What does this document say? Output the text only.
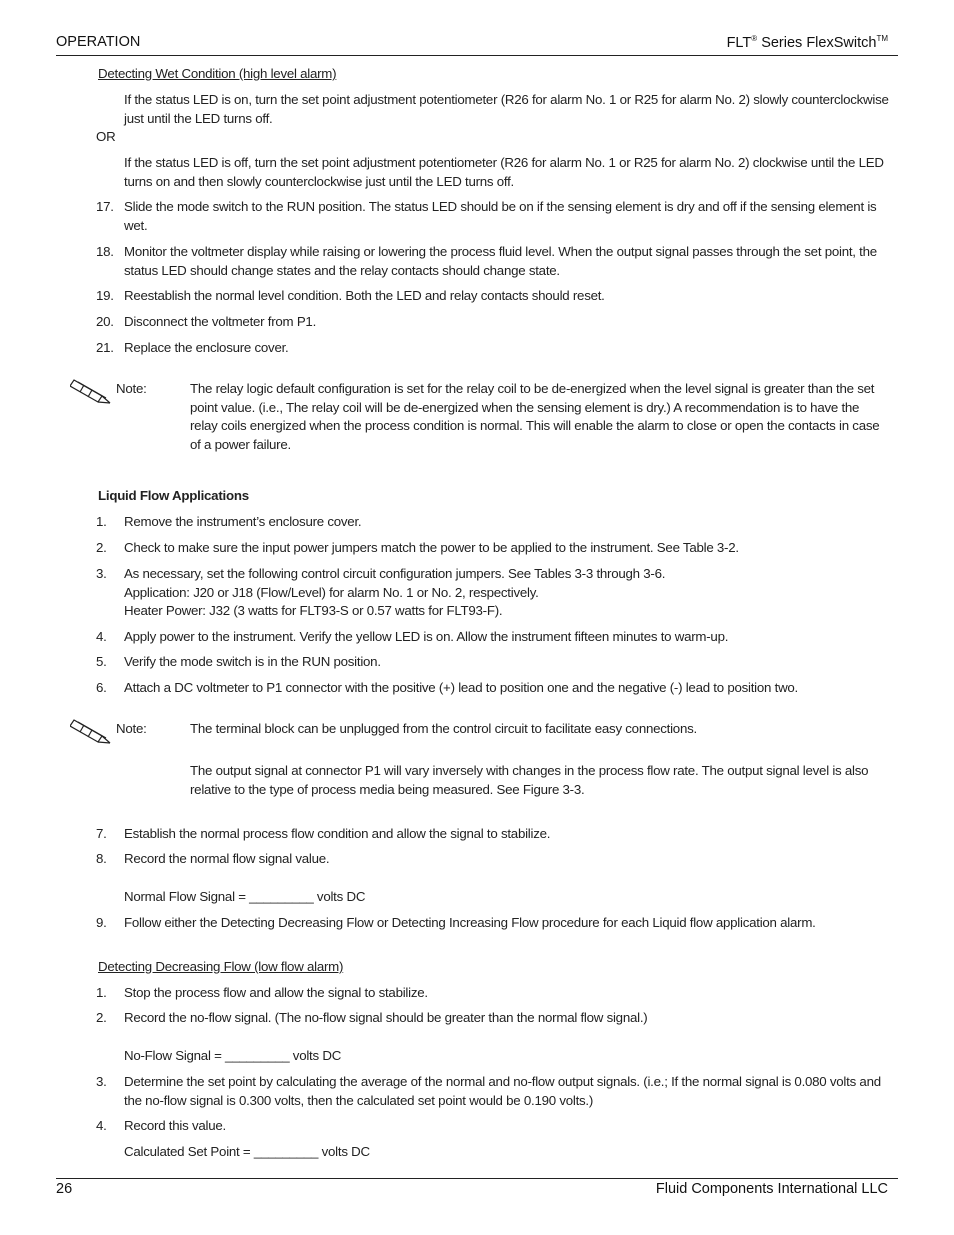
OPERATION	FLT® Series FlexSwitch™
Detecting Wet Condition (high level alarm)
If the status LED is on, turn the set point adjustment potentiometer (R26 for alarm No. 1 or R25 for alarm No. 2) slowly counterclockwise just until the LED turns off.
OR
If the status LED is off, turn the set point adjustment potentiometer (R26 for alarm No. 1 or R25 for alarm No. 2) clockwise until the LED turns on and then slowly counterclockwise just until the LED turns off.
17. Slide the mode switch to the RUN position. The status LED should be on if the sensing element is dry and off if the sensing element is wet.
18. Monitor the voltmeter display while raising or lowering the process fluid level. When the output signal passes through the set point, the status LED should change states and the relay contacts should change state.
19. Reestablish the normal level condition. Both the LED and relay contacts should reset.
20. Disconnect the voltmeter from P1.
21. Replace the enclosure cover.
Note:	The relay logic default configuration is set for the relay coil to be de-energized when the level signal is greater than the set point value. (i.e., The relay coil will be de-energized when the sensing element is dry.) A recommendation is to have the relay coils energized when the process condition is normal. This will enable the alarm to close or open the contacts in case of a power failure.
Liquid Flow Applications
1. Remove the instrument’s enclosure cover.
2. Check to make sure the input power jumpers match the power to be applied to the instrument. See Table 3-2.
3. As necessary, set the following control circuit configuration jumpers. See Tables 3-3 through 3-6.
Application: J20 or J18 (Flow/Level) for alarm No. 1 or No. 2, respectively.
Heater Power: J32 (3 watts for FLT93-S or 0.57 watts for FLT93-F).
4. Apply power to the instrument. Verify the yellow LED is on. Allow the instrument fifteen minutes to warm-up.
5. Verify the mode switch is in the RUN position.
6. Attach a DC voltmeter to P1 connector with the positive (+) lead to position one and the negative (-) lead to position two.
Note:	The terminal block can be unplugged from the control circuit to facilitate easy connections.
The output signal at connector P1 will vary inversely with changes in the process flow rate. The output signal level is also relative to the type of process media being measured. See Figure 3-3.
7. Establish the normal process flow condition and allow the signal to stabilize.
8. Record the normal flow signal value.
Normal Flow Signal = _________ volts DC
9. Follow either the Detecting Decreasing Flow or Detecting Increasing Flow procedure for each Liquid flow application alarm.
Detecting Decreasing Flow (low flow alarm)
1. Stop the process flow and allow the signal to stabilize.
2. Record the no-flow signal. (The no-flow signal should be greater than the normal flow signal.)
No-Flow Signal = _________ volts DC
3. Determine the set point by calculating the average of the normal and no-flow output signals. (i.e.; If the normal signal is 0.080 volts and the no-flow signal is 0.300 volts, then the calculated set point would be 0.190 volts.)
4. Record this value.
Calculated Set Point = _________ volts DC
26	Fluid Components International LLC
